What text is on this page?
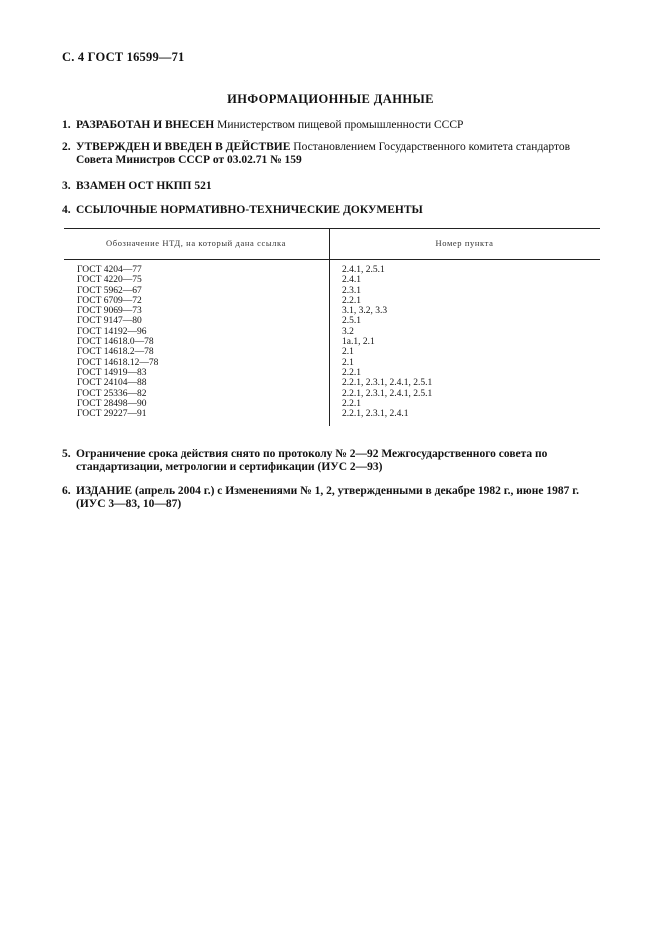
С. 4 ГОСТ 16599—71
ИНФОРМАЦИОННЫЕ ДАННЫЕ
1. РАЗРАБОТАН И ВНЕСЕН Министерством пищевой промышленности СССР
2. УТВЕРЖДЕН И ВВЕДЕН В ДЕЙСТВИЕ Постановлением Государственного комитета стандартов
Совета Министров СССР от 03.02.71 № 159
3. ВЗАМЕН ОСТ НКПП 521
4. ССЫЛОЧНЫЕ НОРМАТИВНО-ТЕХНИЧЕСКИЕ ДОКУМЕНТЫ
Обозначение НТД, на который дана ссылка	Номер пункта
ГОСТ 4204—77	2.4.1, 2.5.1
ГОСТ 4220—75	2.4.1
ГОСТ 5962—67	2.3.1
ГОСТ 6709—72	2.2.1
ГОСТ 9069—73	3.1, 3.2, 3.3
ГОСТ 9147—80	2.5.1
ГОСТ 14192—96	3.2
ГОСТ 14618.0—78	1а.1, 2.1
ГОСТ 14618.2—78	2.1
ГОСТ 14618.12—78	2.1
ГОСТ 14919—83	2.2.1
ГОСТ 24104—88	2.2.1, 2.3.1, 2.4.1, 2.5.1
ГОСТ 25336—82	2.2.1, 2.3.1, 2.4.1, 2.5.1
ГОСТ 28498—90	2.2.1
ГОСТ 29227—91	2.2.1, 2.3.1, 2.4.1
5. Ограничение срока действия снято по протоколу № 2—92 Межгосударственного совета по
стандартизации, метрологии и сертификации (ИУС 2—93)
6. ИЗДАНИЕ (апрель 2004 г.) с Изменениями № 1, 2, утвержденными в декабре 1982 г., июне 1987 г.
(ИУС 3—83, 10—87)
